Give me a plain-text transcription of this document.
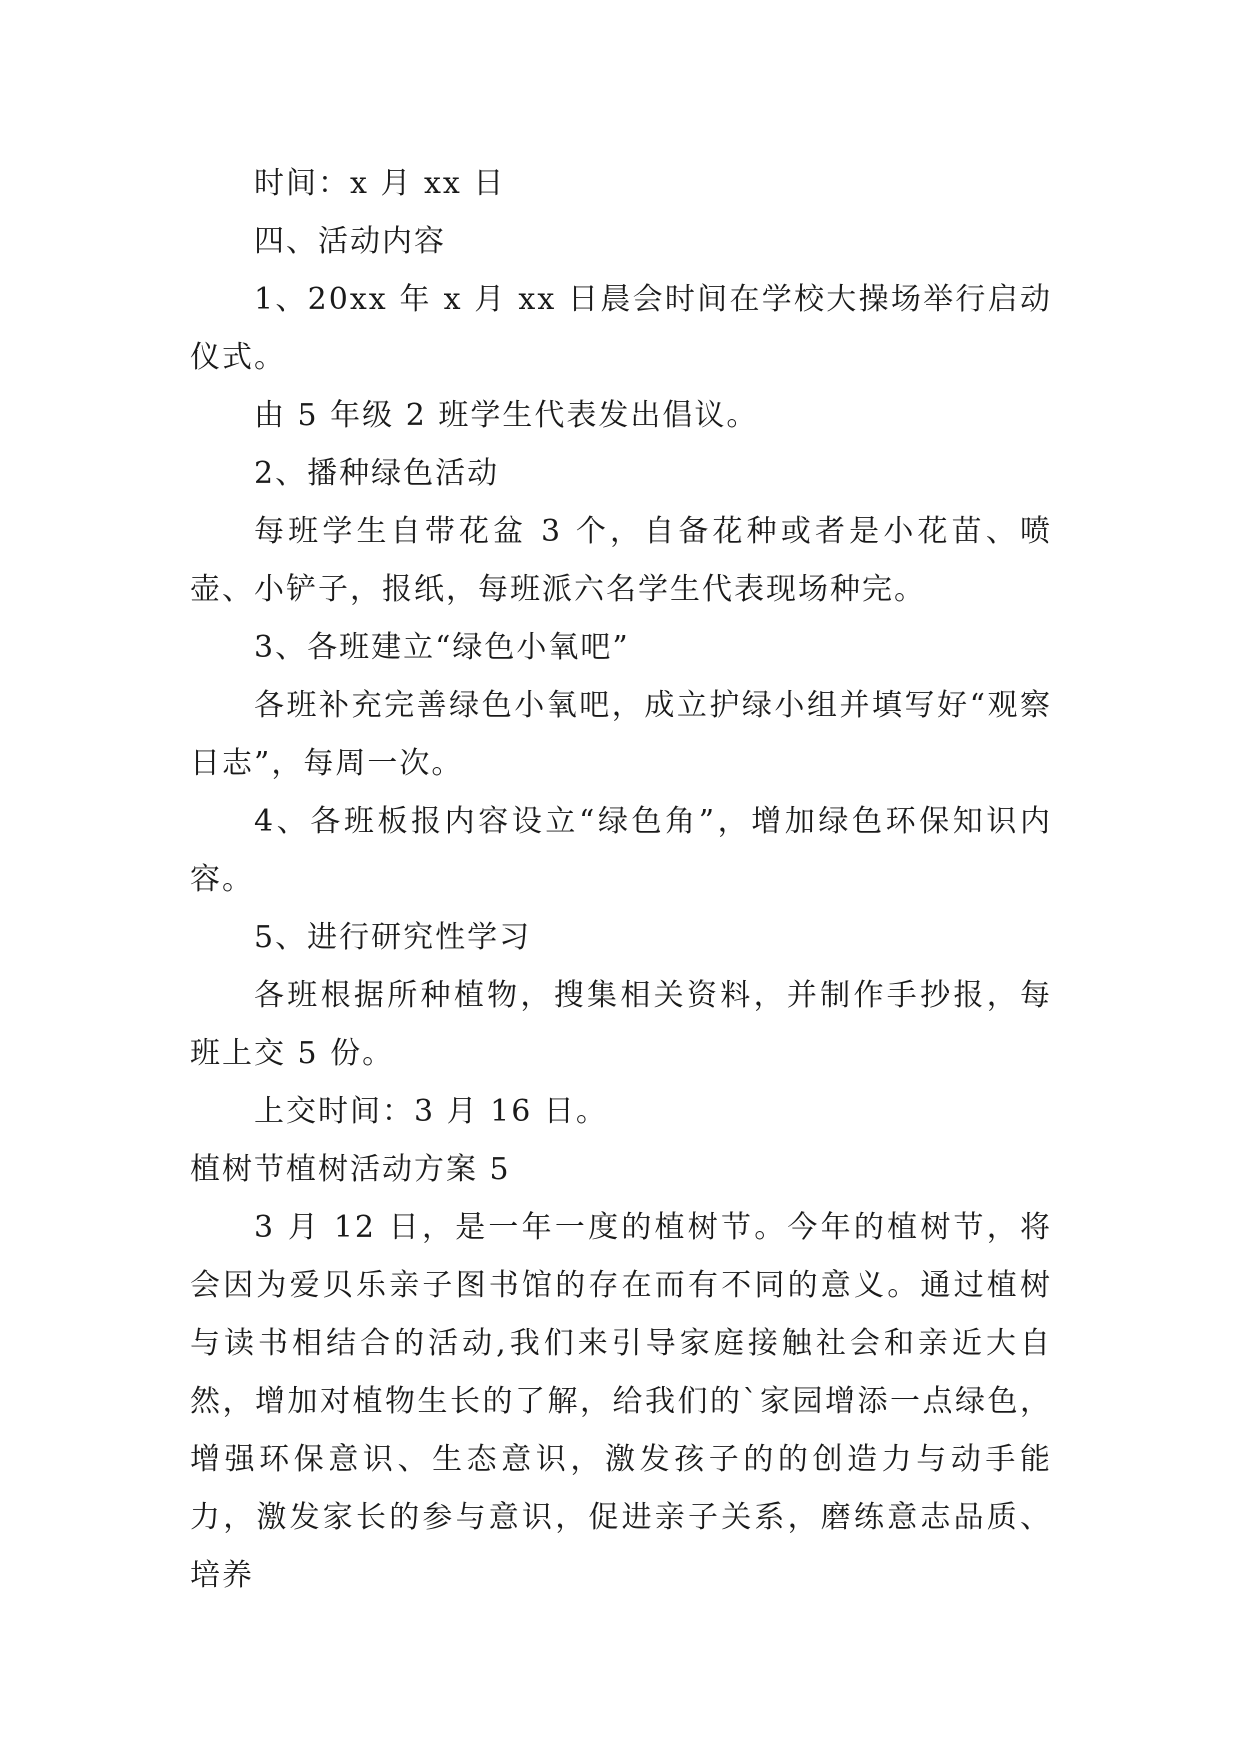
时间：x 月 xx 日

四、活动内容

1、20xx 年 x 月 xx 日晨会时间在学校大操场举行启动仪式。

由 5 年级 2 班学生代表发出倡议。

2、播种绿色活动

每班学生自带花盆 3 个，自备花种或者是小花苗、喷壶、小铲子，报纸，每班派六名学生代表现场种完。

3、各班建立“绿色小氧吧”

各班补充完善绿色小氧吧，成立护绿小组并填写好“观察日志”，每周一次。

4、各班板报内容设立“绿色角”，增加绿色环保知识内容。

5、进行研究性学习

各班根据所种植物，搜集相关资料，并制作手抄报，每班上交 5 份。

上交时间：3 月 16 日。

植树节植树活动方案 5

3 月 12 日，是一年一度的植树节。今年的植树节，将会因为爱贝乐亲子图书馆的存在而有不同的意义。通过植树与读书相结合的活动,我们来引导家庭接触社会和亲近大自然，增加对植物生长的了解，给我们的`家园增添一点绿色，增强环保意识、生态意识，激发孩子的的创造力与动手能力，激发家长的参与意识，促进亲子关系，磨练意志品质、培养
